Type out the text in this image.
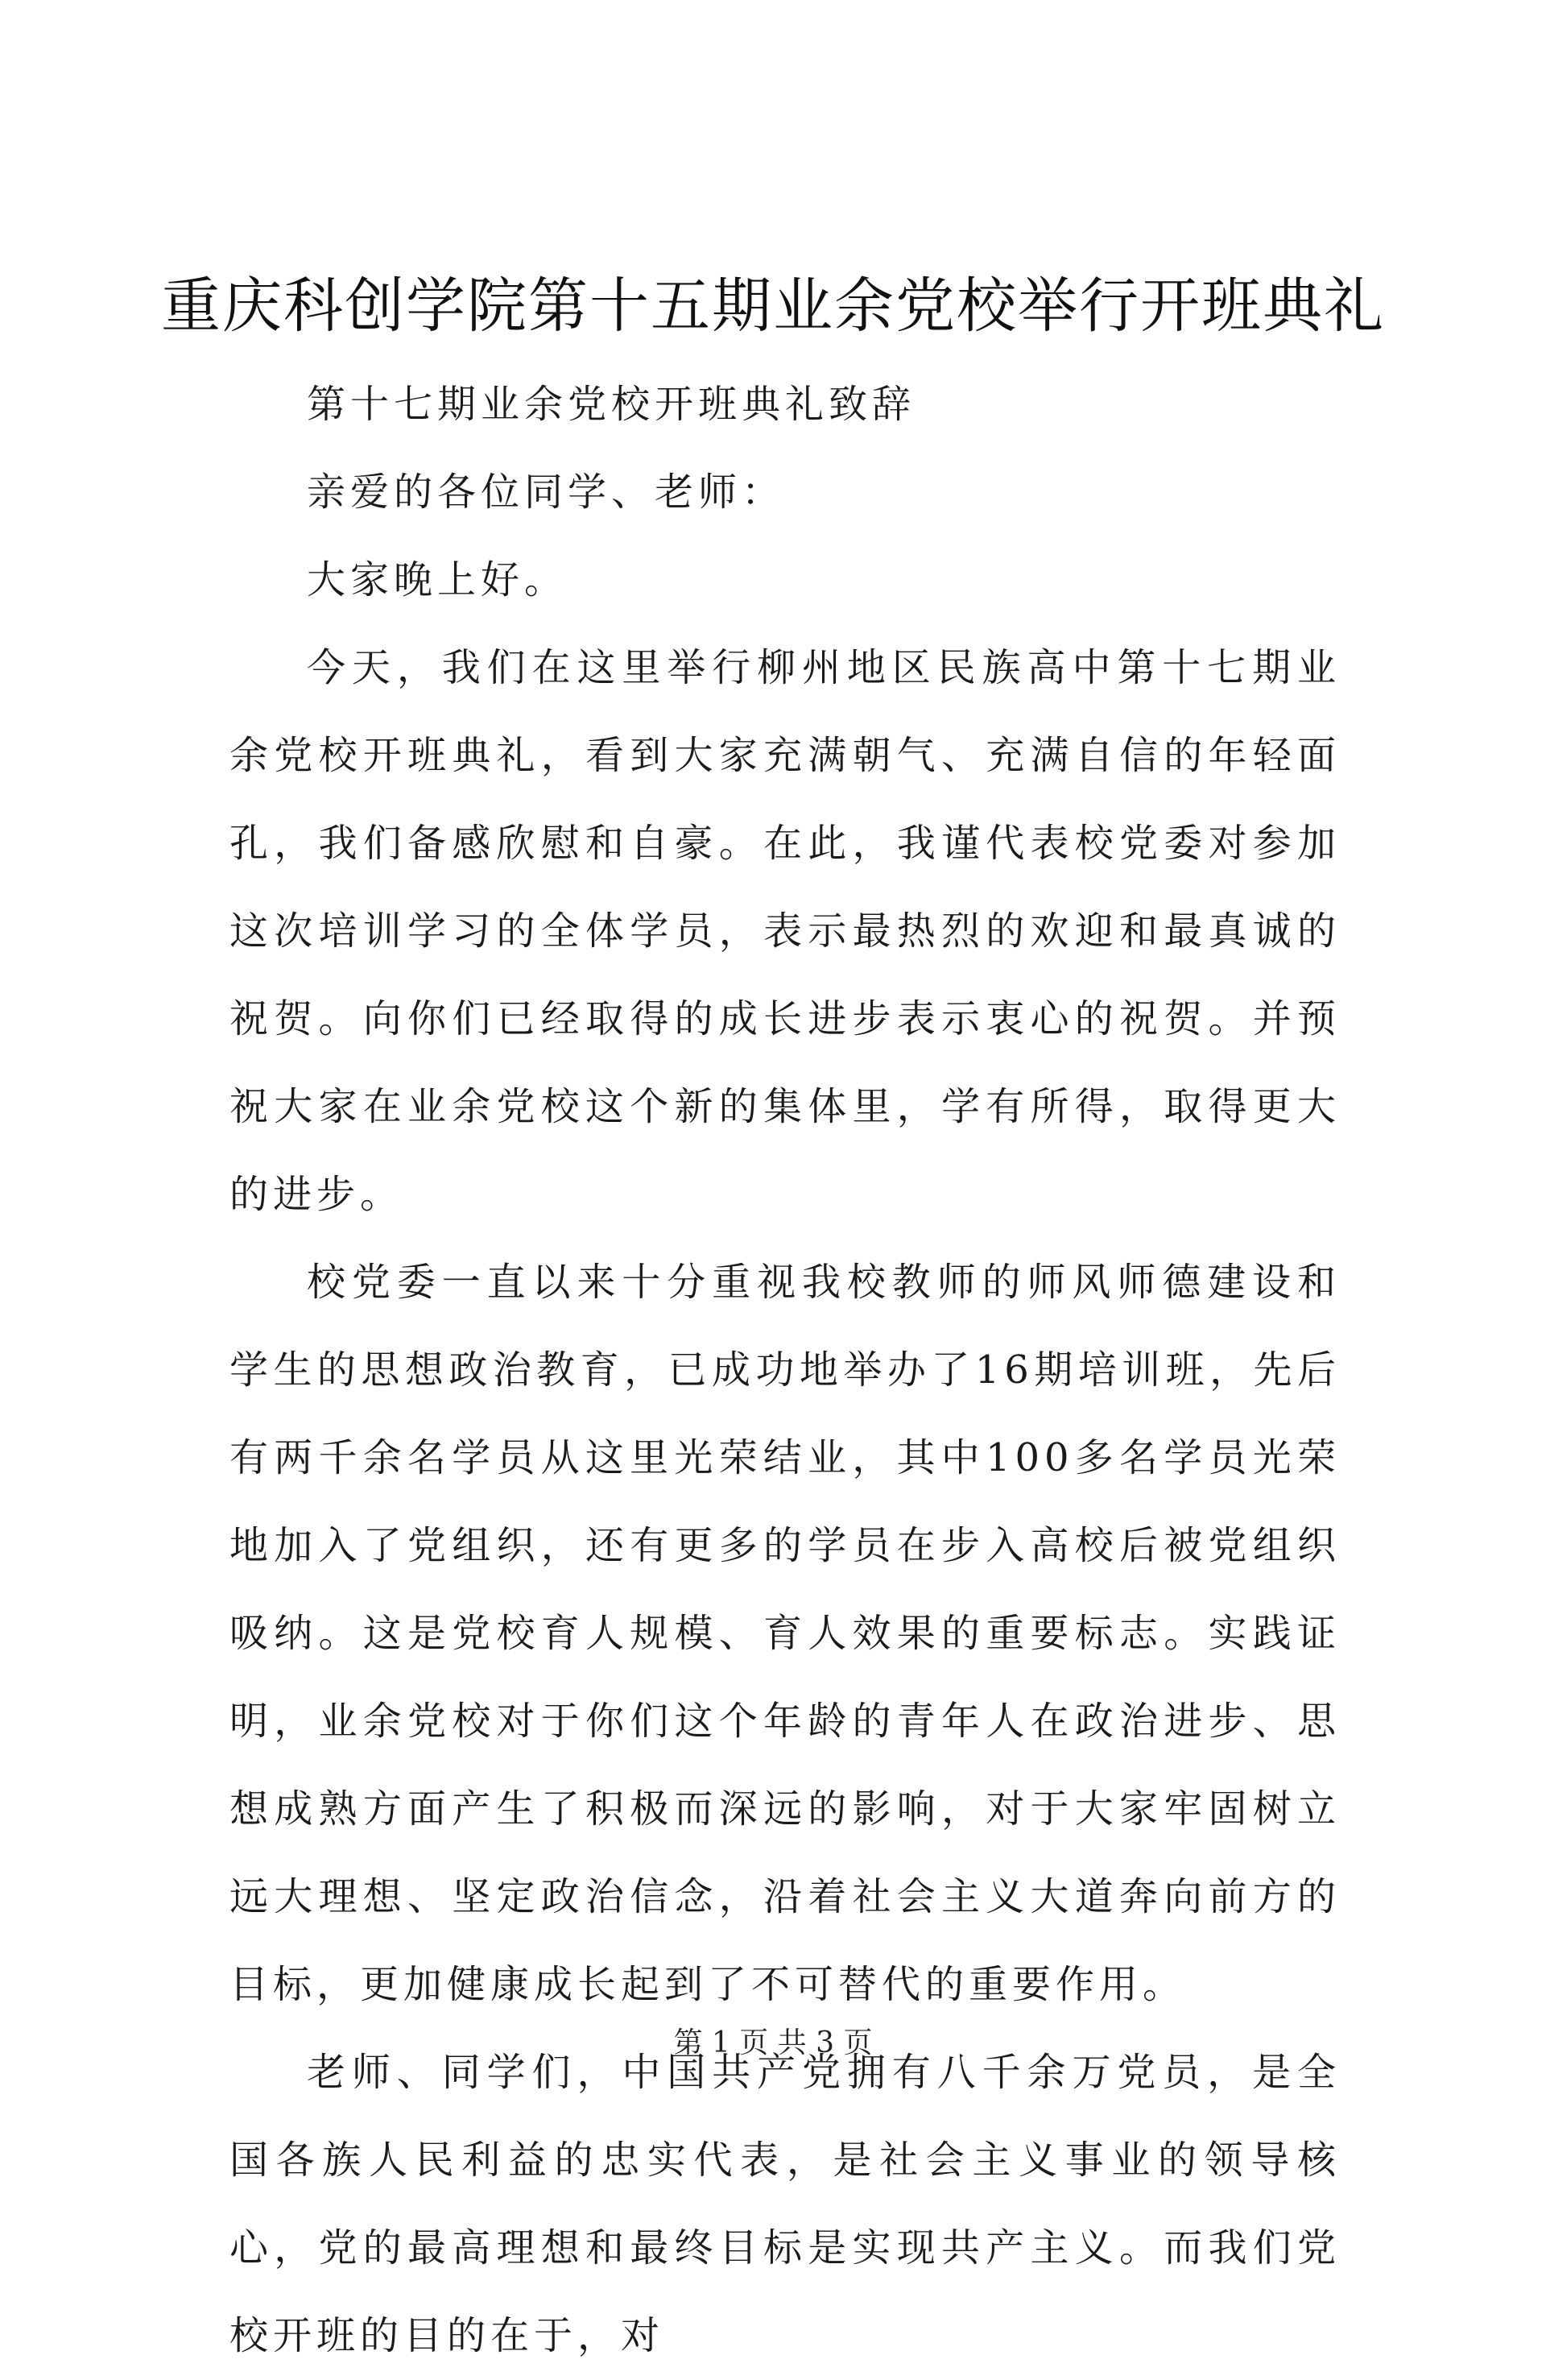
重庆科创学院第十五期业余党校举行开班典礼

第十七期业余党校开班典礼致辞

亲爱的各位同学、老师：

大家晚上好。

今天，我们在这里举行柳州地区民族高中第十七期业余党校开班典礼，看到大家充满朝气、充满自信的年轻面孔，我们备感欣慰和自豪。在此，我谨代表校党委对参加这次培训学习的全体学员，表示最热烈的欢迎和最真诚的祝贺。向你们已经取得的成长进步表示衷心的祝贺。并预祝大家在业余党校这个新的集体里，学有所得，取得更大的进步。

校党委一直以来十分重视我校教师的师风师德建设和学生的思想政治教育，已成功地举办了16期培训班，先后有两千余名学员从这里光荣结业，其中100多名学员光荣地加入了党组织，还有更多的学员在步入高校后被党组织吸纳。这是党校育人规模、育人效果的重要标志。实践证明，业余党校对于你们这个年龄的青年人在政治进步、思想成熟方面产生了积极而深远的影响，对于大家牢固树立远大理想、坚定政治信念，沿着社会主义大道奔向前方的目标，更加健康成长起到了不可替代的重要作用。

老师、同学们，中国共产党拥有八千余万党员，是全国各族人民利益的忠实代表，是社会主义事业的领导核心，党的最高理想和最终目标是实现共产主义。而我们党校开班的目的在于，对

第 1 页 共 3 页
